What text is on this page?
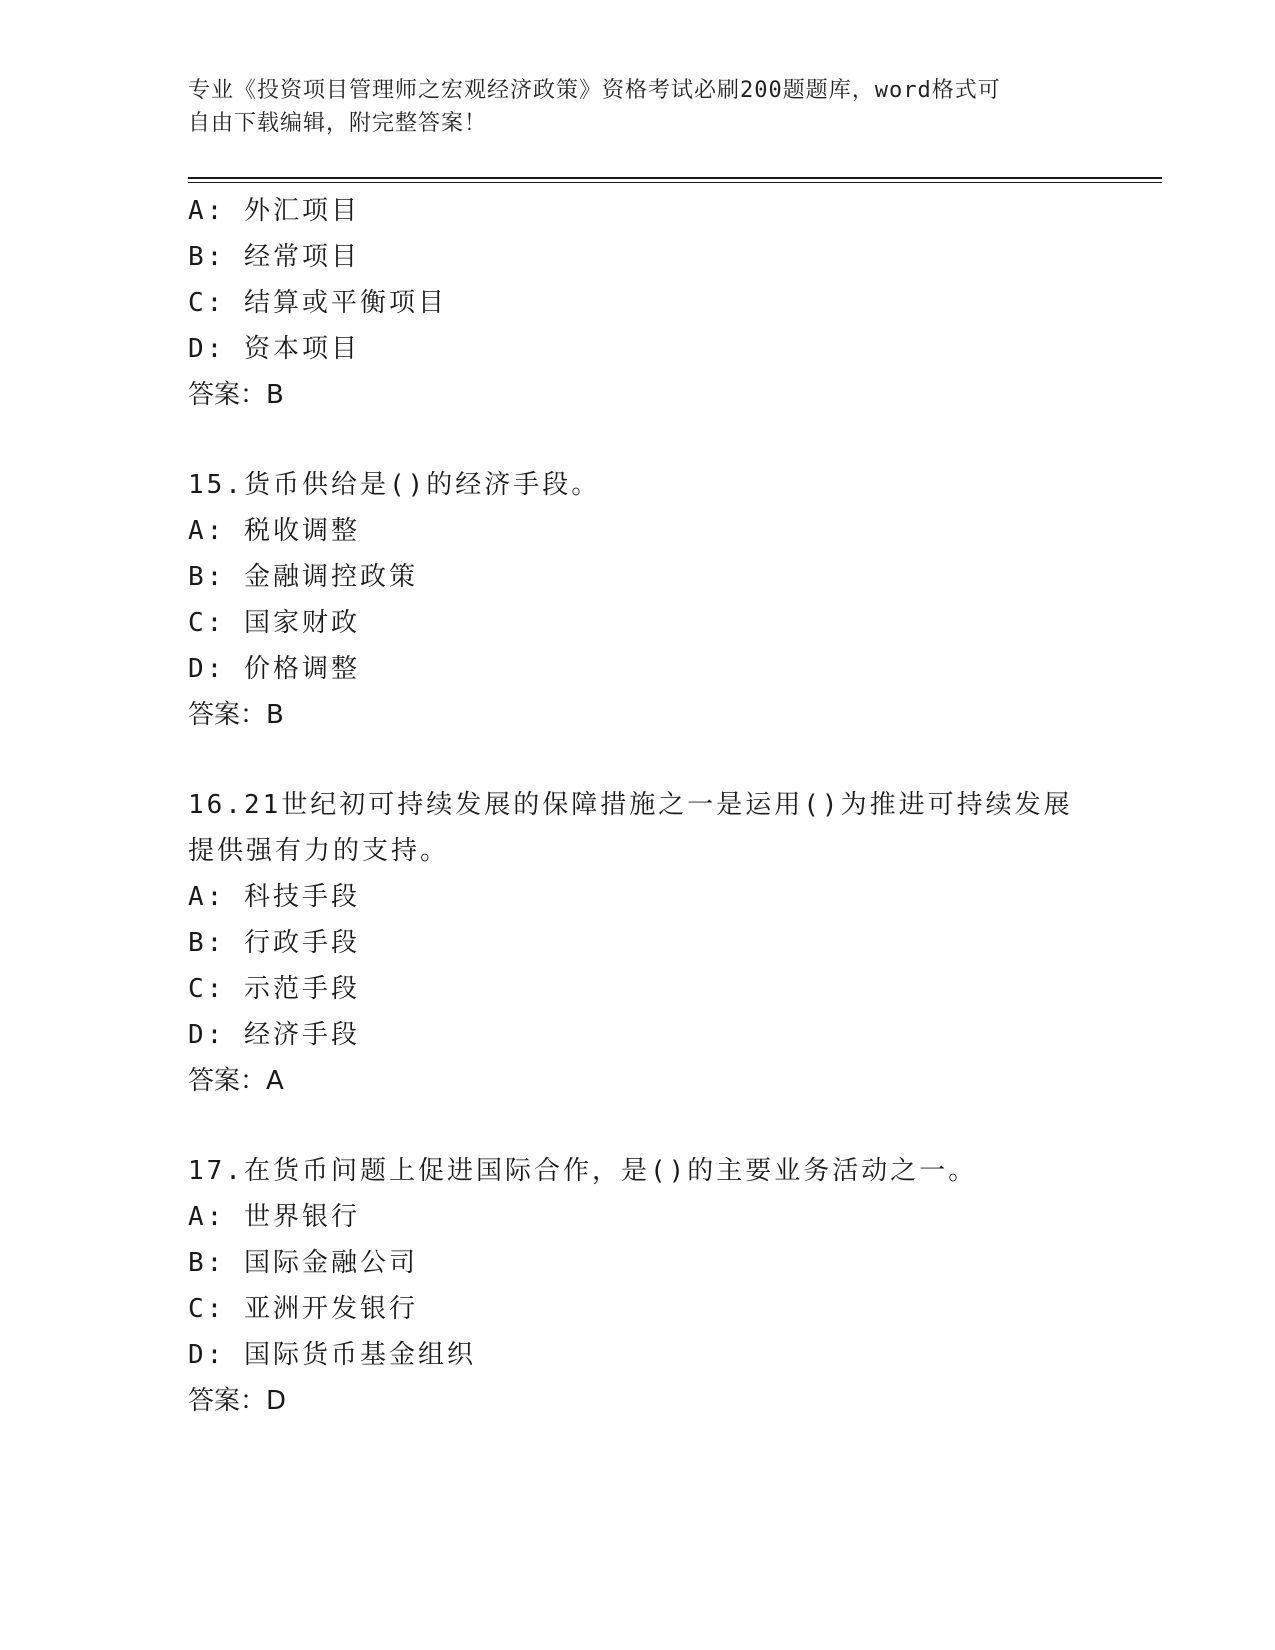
专业《投资项目管理师之宏观经济政策》资格考试必刷200题题库，word格式可
自由下载编辑，附完整答案！
A: 外汇项目
B: 经常项目
C: 结算或平衡项目
D: 资本项目
答案：B
15.货币供给是()的经济手段。
A: 税收调整
B: 金融调控政策
C: 国家财政
D: 价格调整
答案：B
16.21世纪初可持续发展的保障措施之一是运用()为推进可持续发展提供强有力的支持。
A: 科技手段
B: 行政手段
C: 示范手段
D: 经济手段
答案：A
17.在货币问题上促进国际合作，是()的主要业务活动之一。
A: 世界银行
B: 国际金融公司
C: 亚洲开发银行
D: 国际货币基金组织
答案：D
